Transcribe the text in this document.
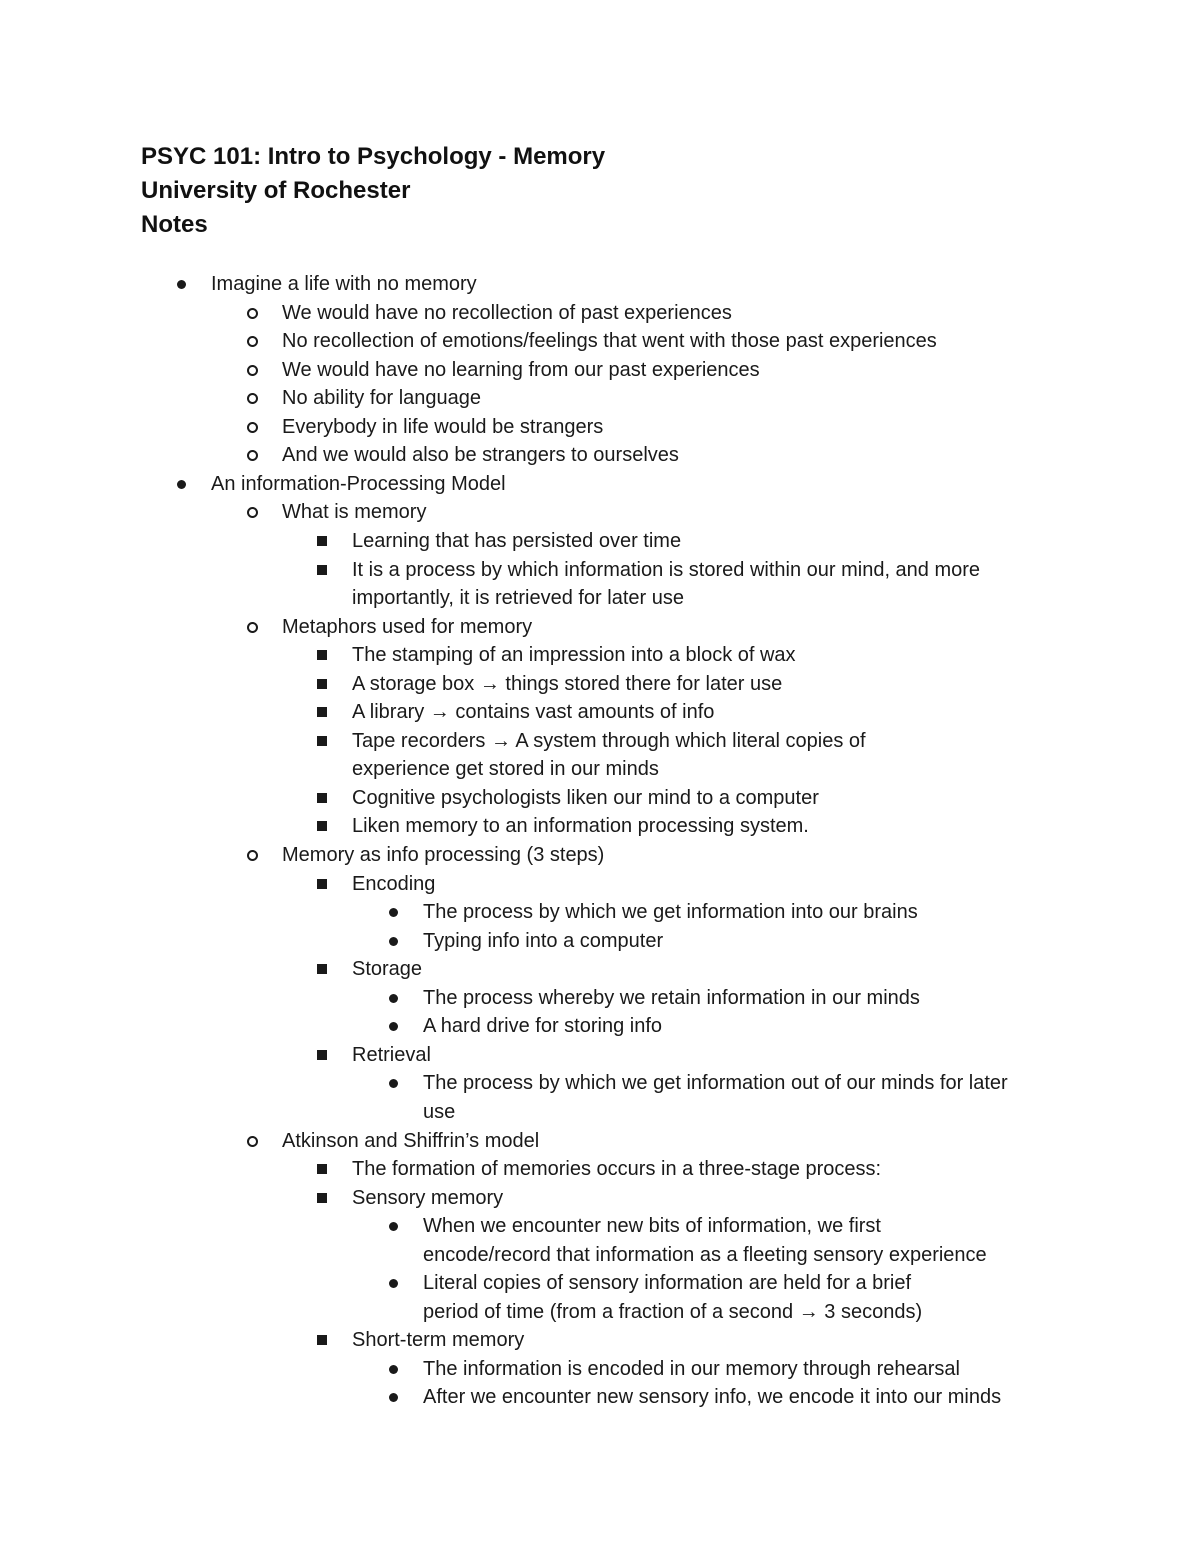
PSYC 101: Intro to Psychology - Memory
University of Rochester
Notes
Imagine a life with no memory
We would have no recollection of past experiences
No recollection of emotions/feelings that went with those past experiences
We would have no learning from our past experiences
No ability for language
Everybody in life would be strangers
And we would also be strangers to ourselves
An information-Processing Model
What is memory
Learning that has persisted over time
It is a process by which information is stored within our mind, and more
importantly, it is retrieved for later use
Metaphors used for memory
The stamping of an impression into a block of wax
A storage box → things stored there for later use
A library → contains vast amounts of info
Tape recorders → A system through which literal copies of
experience get stored in our minds
Cognitive psychologists liken our mind to a computer
Liken memory to an information processing system.
Memory as info processing (3 steps)
Encoding
The process by which we get information into our brains
Typing info into a computer
Storage
The process whereby we retain information in our minds
A hard drive for storing info
Retrieval
The process by which we get information out of our minds for later
use
Atkinson and Shiffrin’s model
The formation of memories occurs in a three-stage process:
Sensory memory
When we encounter new bits of information, we first
encode/record that information as a fleeting sensory experience
Literal copies of sensory information are held for a brief
period of time (from a fraction of a second → 3 seconds)
Short-term memory
The information is encoded in our memory through rehearsal
After we encounter new sensory info, we encode it into our minds
